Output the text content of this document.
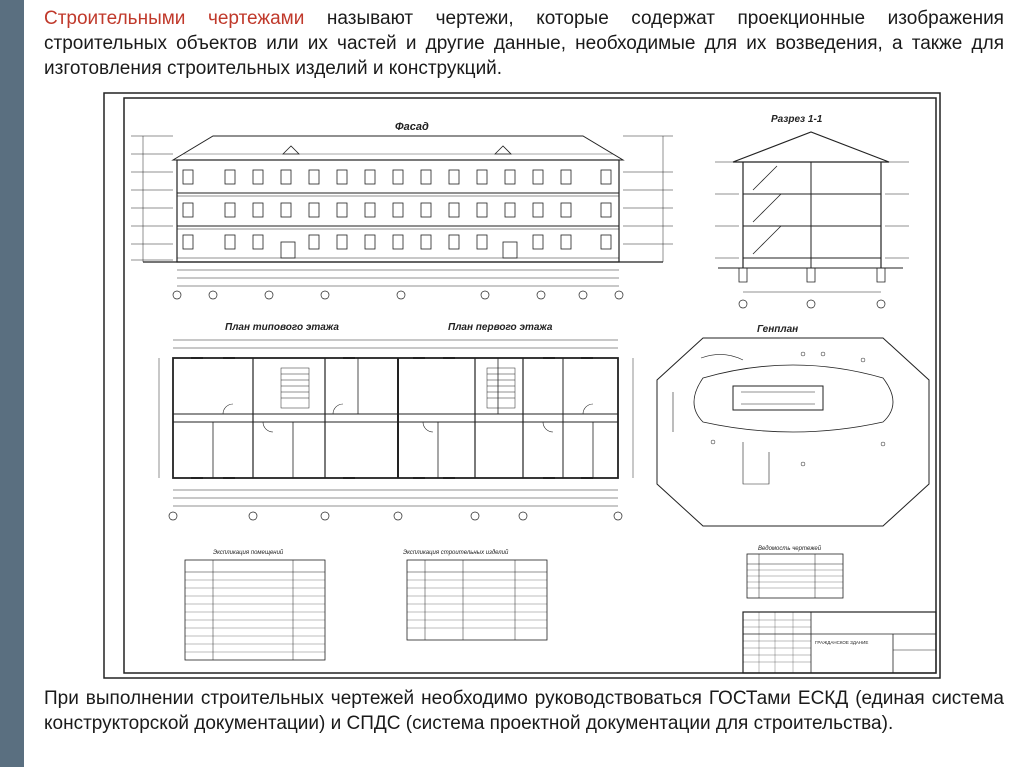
Строительными чертежами называют чертежи, которые содержат проекционные изображения строительных объектов или их частей и другие данные, необходимые для их возведения, а также для изготовления строительных изделий и конструкций.

Фасад
Разрез 1-1
План типового этажа	План первого этажа	Генплан
Экспликация помещений	Экспликация строительных изделий
Ведомость чертежей
ГРАЖДАНСКОЕ ЗДАНИЕ

При выполнении строительных чертежей необходимо руководствоваться ГОСТами ЕСКД (единая система конструкторской документации) и СПДС (система проектной документации для строительства).
